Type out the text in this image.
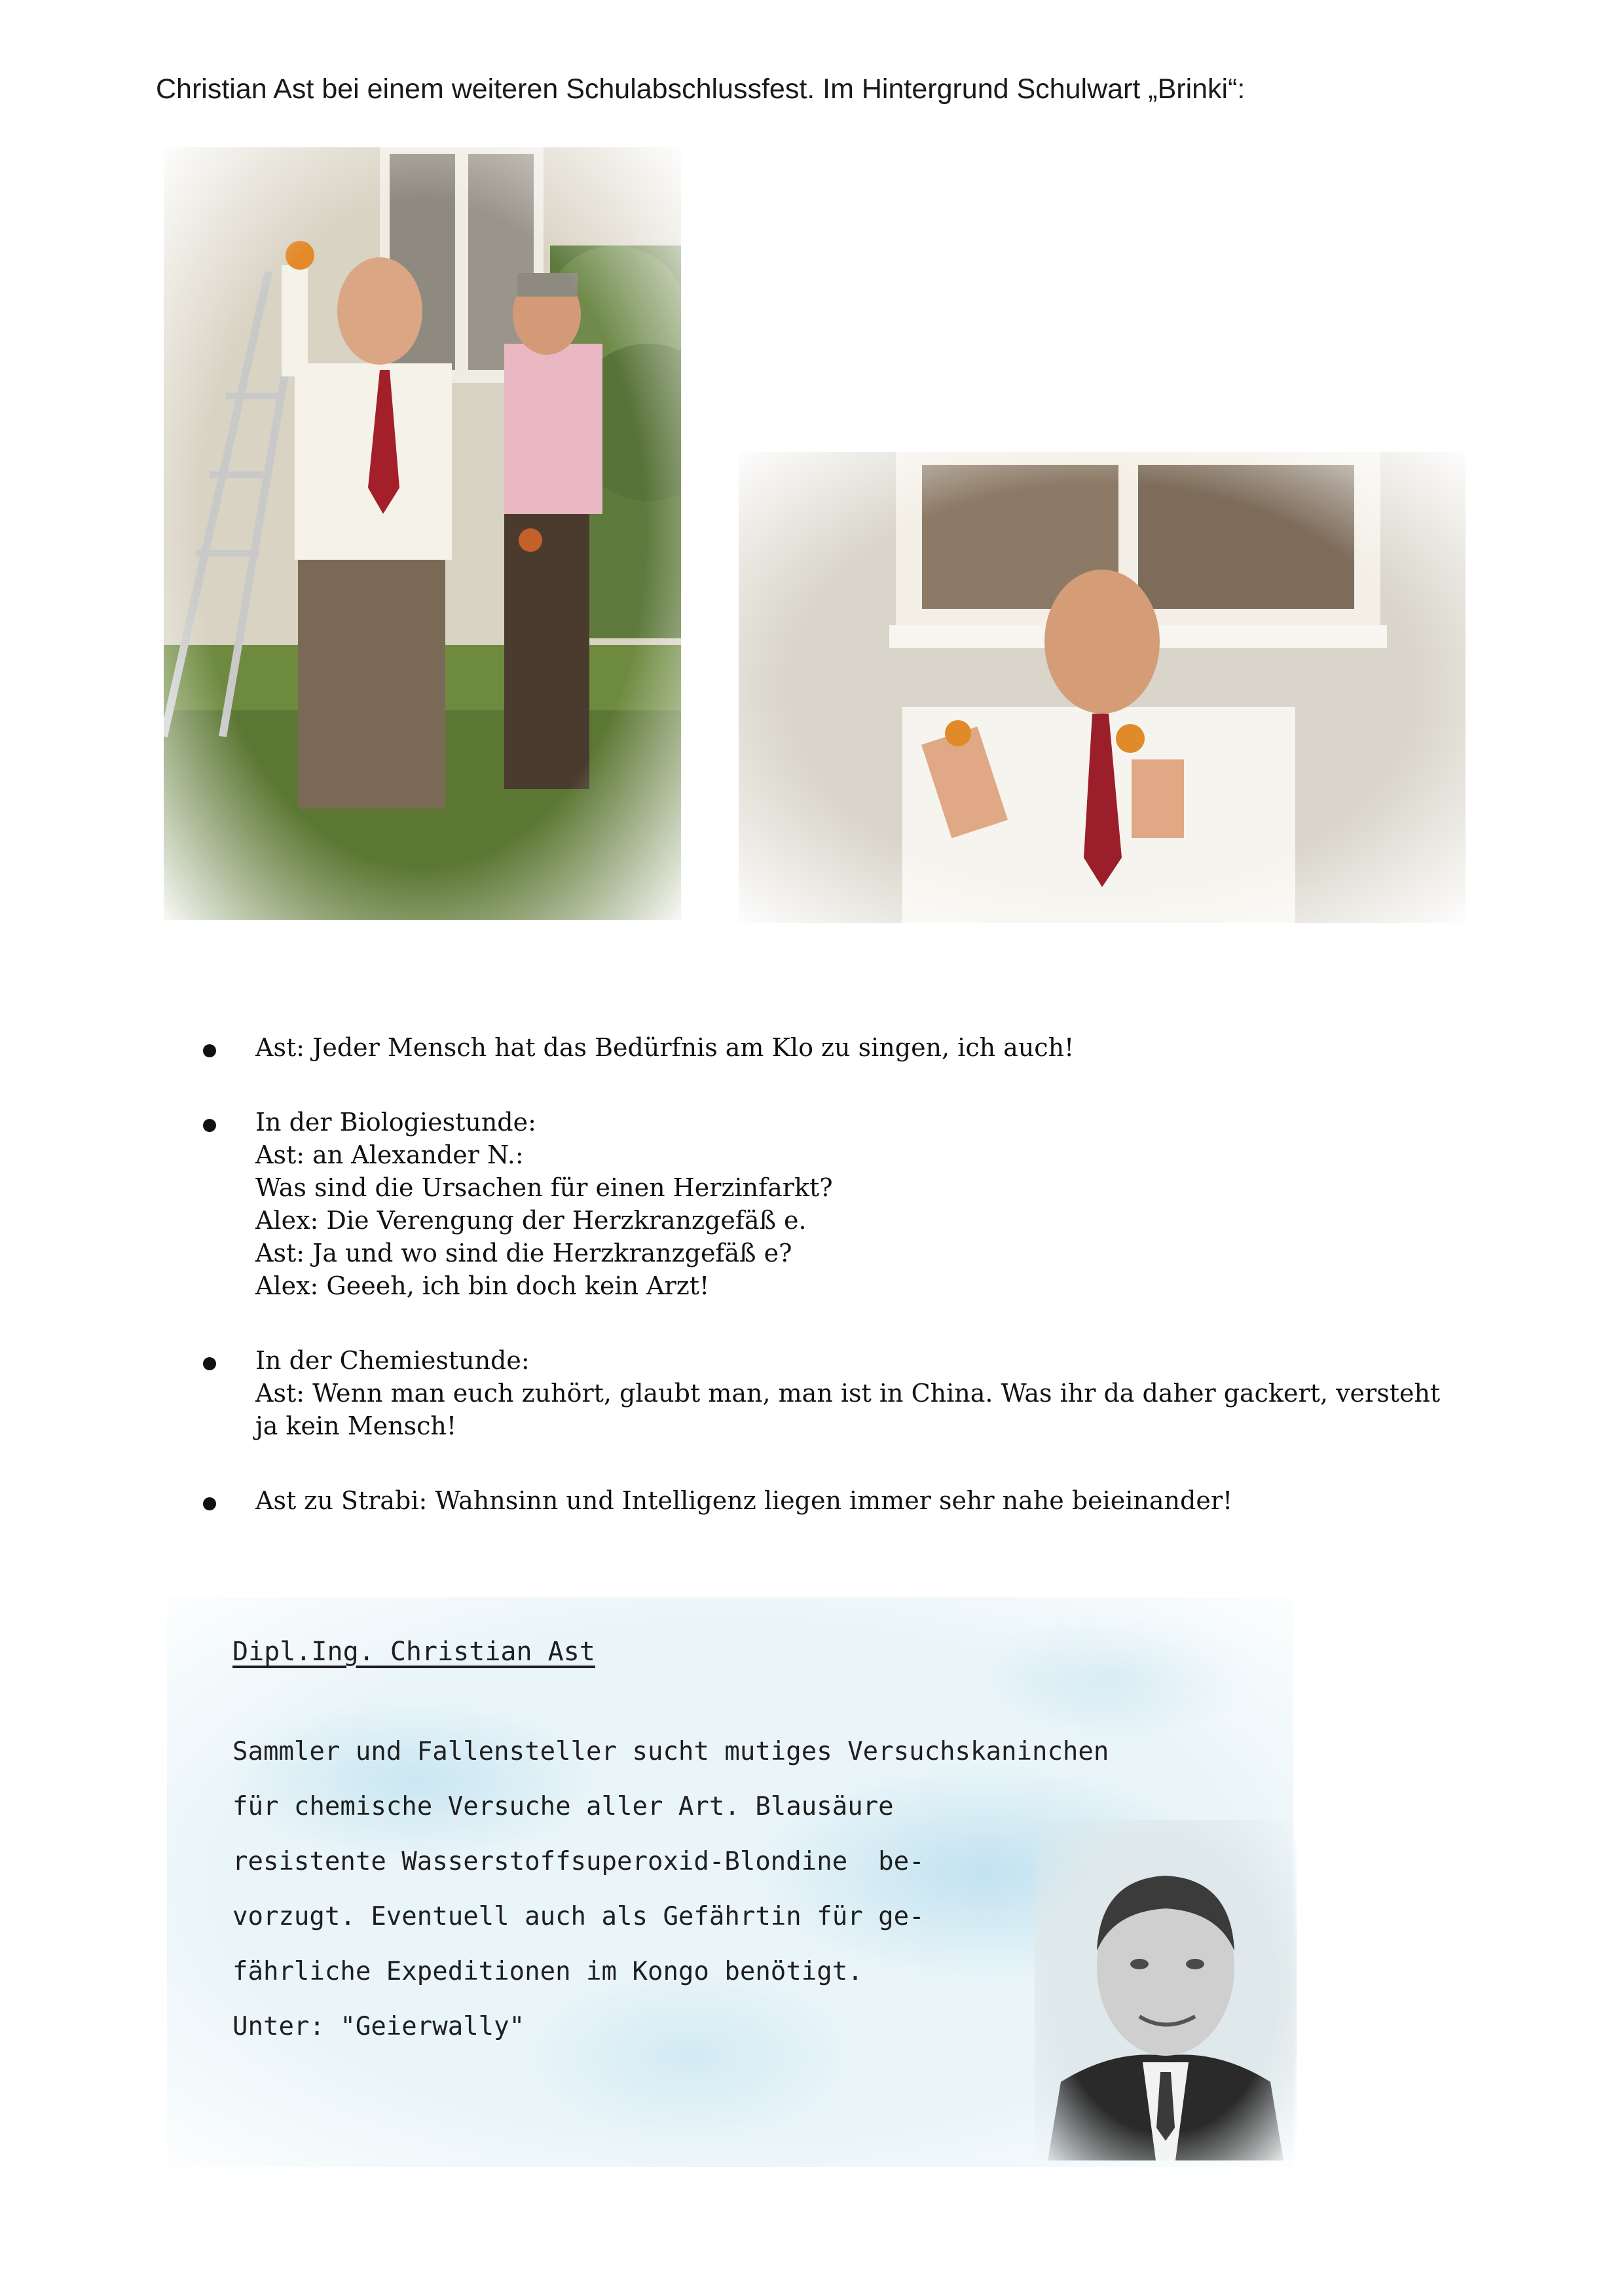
Christian Ast bei einem weiteren Schulabschlussfest. Im Hintergrund Schulwart „Brinki“:
Ast: Jeder Mensch hat das Bedürfnis am Klo zu singen, ich auch!
In der Biologiestunde:
Ast: an Alexander N.:
Was sind die Ursachen für einen Herzinfarkt?
Alex: Die Verengung der Herzkranzgefäß e.
Ast: Ja und wo sind die Herzkranzgefäß e?
Alex: Geeeh, ich bin doch kein Arzt!
In der Chemiestunde:
Ast: Wenn man euch zuhört, glaubt man, man ist in China. Was ihr da daher gackert, versteht
ja kein Mensch!
Ast zu Strabi: Wahnsinn und Intelligenz liegen immer sehr nahe beieinander!
Dipl.Ing. Christian Ast
Sammler und Fallensteller sucht mutiges Versuchskaninchen
für chemische Versuche aller Art. Blausäure
resistente Wasserstoffsuperoxid-Blondine  be-
vorzugt. Eventuell auch als Gefährtin für ge-
fährliche Expeditionen im Kongo benötigt.
Unter: "Geierwally"
